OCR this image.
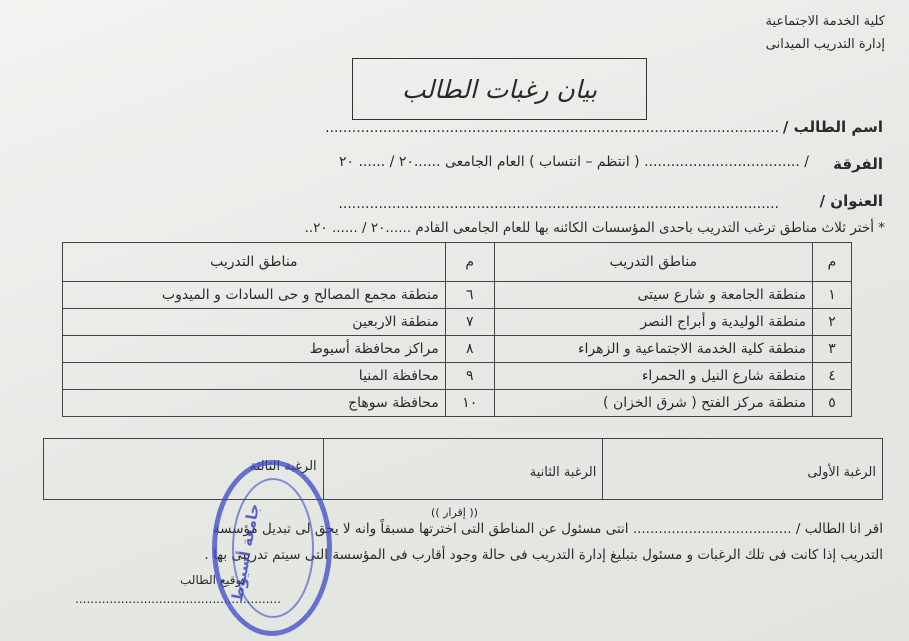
كلية الخدمة الاجتماعية
إدارة التدريب الميدانى
بيان رغبات الطالب
اسم الطالب /
......................................................................................................
الفرقة
/ ................................... ( انتظم – انتساب ) العام الجامعى ......٢٠ / ...... ٢٠
العنوان /
...................................................................................................
* أختر ثلاث مناطق ترغب التدريب باحدى المؤسسات الكائنه بها للعام الجامعى القادم ......٢٠ / ...... ٢٠..
م	مناطق التدريب	م	مناطق التدريب
١	منطقة الجامعة و شارع سيتى	٦	منطقة مجمع المصالح و حى السادات و الميدوب
٢	منطقة الوليدية و أبراج النصر	٧	منطقة الاربعين
٣	منطقة كلية الخدمة الاجتماعية و الزهراء	٨	مراكز محافظة أسيوط
٤	منطقة شارع النيل و الحمراء	٩	محافظة المنيا
٥	منطقة مركز الفتح ( شرق الخزان )	١٠	محافظة سوهاج
الرغبة الأولى
الرغبة الثانية
الرغبة الثالثة
(( إقرار ))
اقر انا الطالب / ..................................... انتى مسئول عن المناطق التى اخترتها مسبقاً وانه لا يحق لى تبديل مؤسسة
التدريب إذا كانت فى تلك الرغبات و مسئول بتبليغ إدارة التدريب فى حالة وجود أقارب فى المؤسسة التى سيتم تدريبى بها .
توقيع الطالب
......................................................
جامعة أسيوط
